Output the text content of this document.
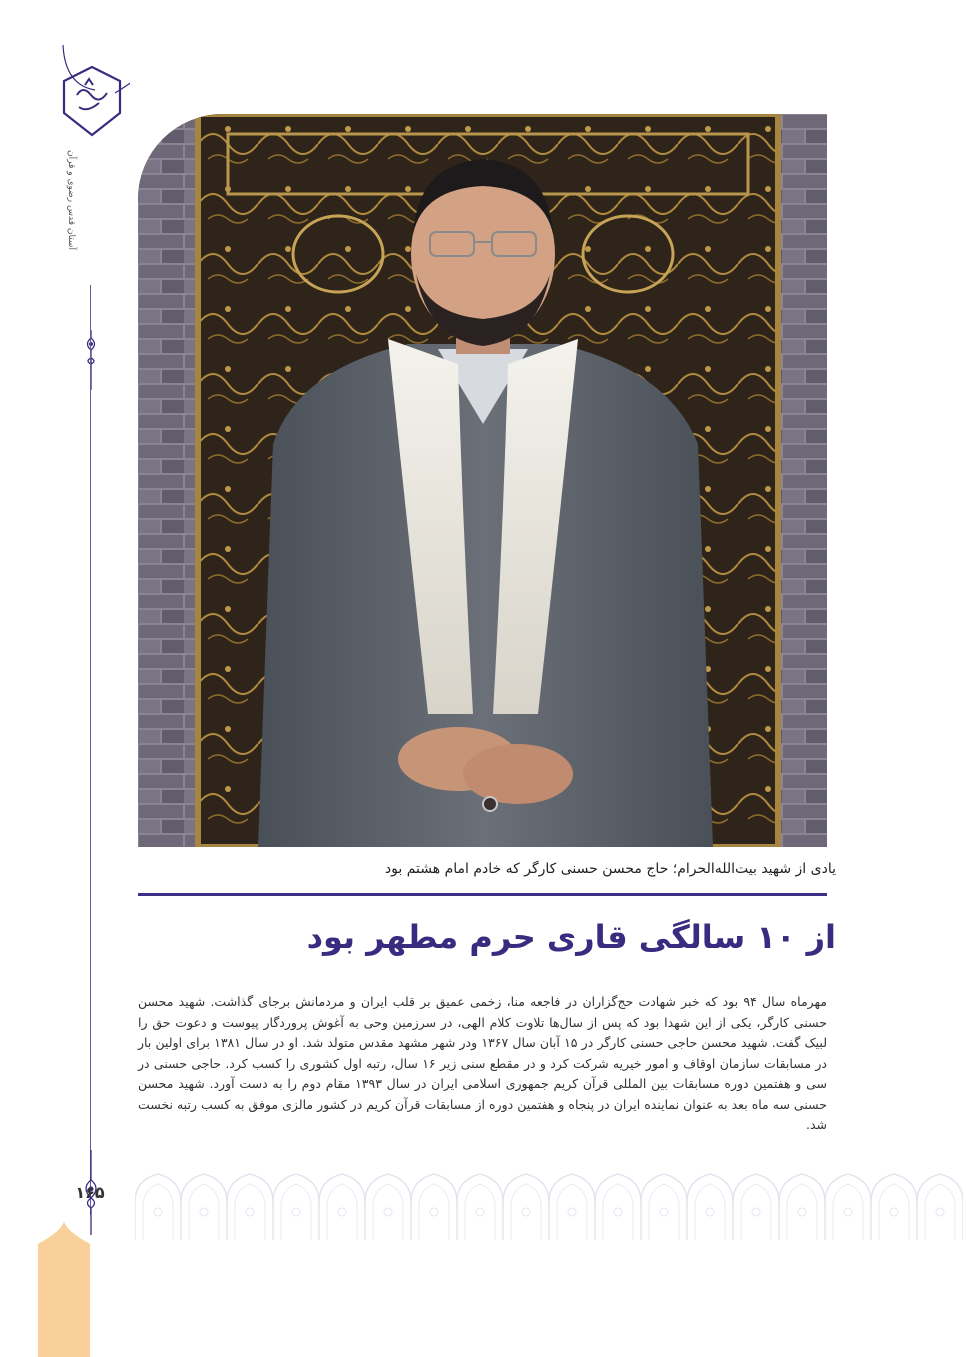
آستان قدس رضوی و قرآن
یادی از شهید بیت‌الله‌الحرام؛ حاج محسن حسنی کارگر که خادم امام هشتم بود
از ۱۰ سالگی قاری حرم مطهر بود
مهرماه سال ۹۴ بود که خبر شهادت حج‌گزاران در فاجعه منا، زخمی عمیق بر قلب ایران و مردمانش برجای گذاشت. شهید محسن حسنی کارگر، یکی از این شهدا بود که پس از سال‌ها تلاوت کلام الهی، در سرزمین وحی به آغوش پروردگار پیوست و دعوت حق را لبیک گفت. شهید محسن حاجی حسنی کارگر در ۱۵ آبان سال ۱۳۶۷ ودر شهر مشهد مقدس متولد شد. او در سال ۱۳۸۱ برای اولین بار در مسابقات سازمان اوقاف و امور خیریه شرکت کرد و در مقطع سنی زیر ۱۶ سال، رتبه اول کشوری را کسب کرد. حاجی حسنی در سی و هفتمین دوره مسابقات بین المللی قرآن کریم جمهوری اسلامی ایران در سال ۱۳۹۳ مقام دوم را به دست آورد. شهید محسن حسنی سه ماه بعد به عنوان نماینده ایران در پنجاه و هفتمین دوره از مسابقات قرآن کریم در کشور مالزی موفق به کسب رتبه نخست شد.
۱۶۵
